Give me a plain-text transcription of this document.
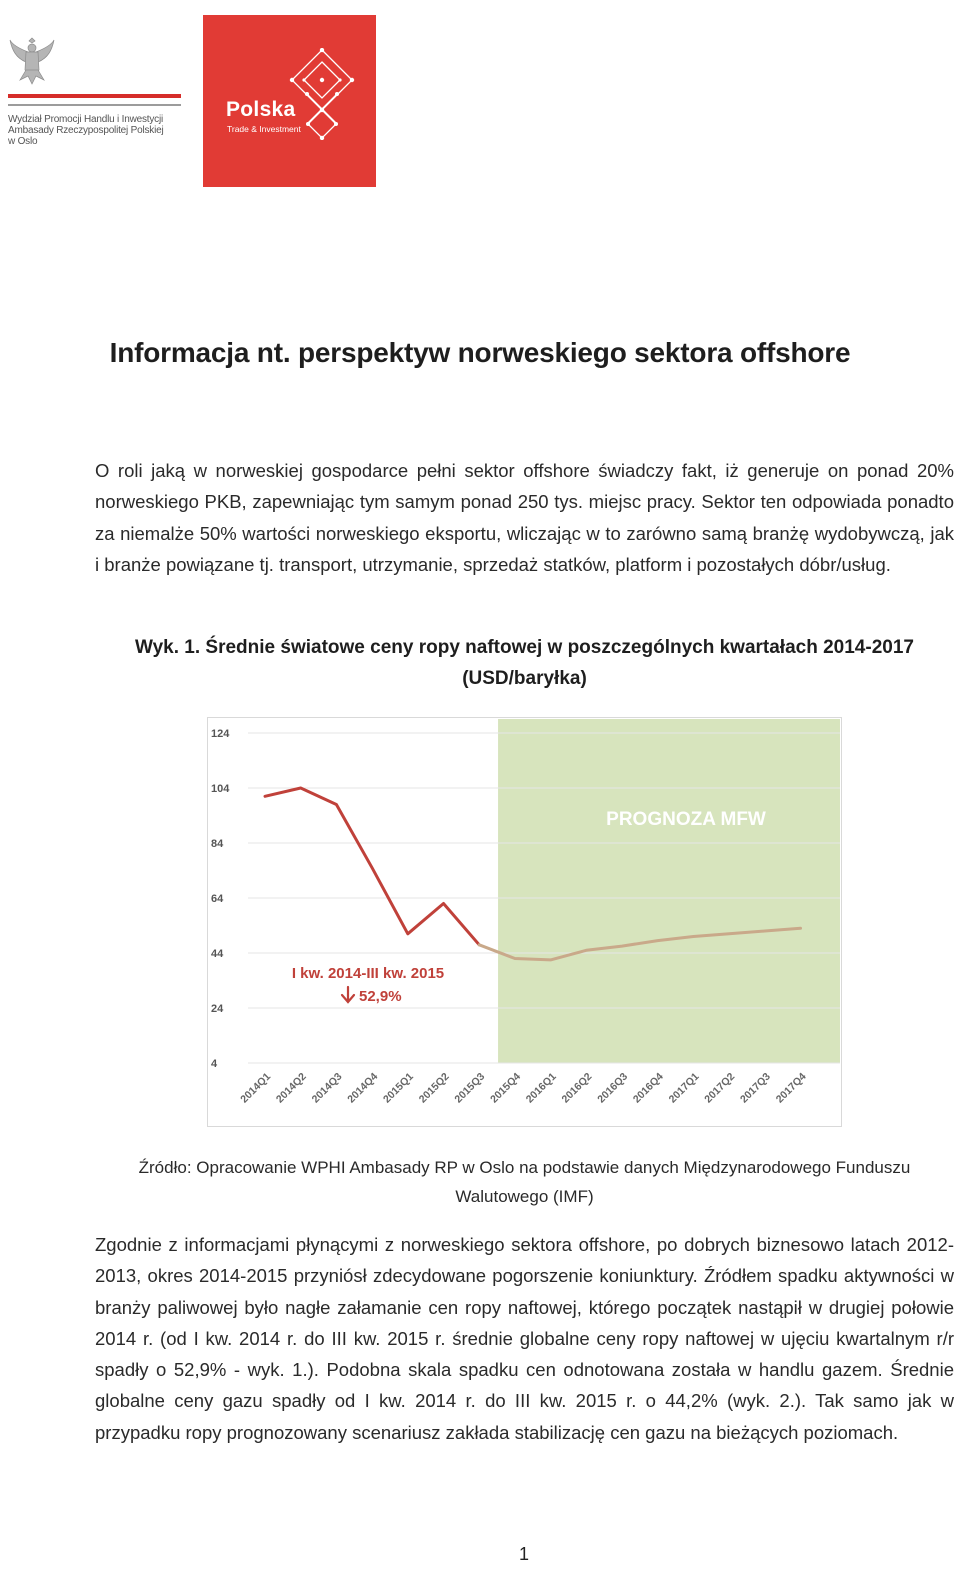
Wydział Promocji Handlu i Inwestycji
Ambasady Rzeczypospolitej Polskiej
w Oslo
Polska
Trade & Investment
Informacja nt. perspektyw norweskiego sektora offshore
O roli jaką w norweskiej gospodarce pełni sektor offshore świadczy fakt, iż generuje on ponad 20% norweskiego PKB, zapewniając tym samym ponad 250 tys. miejsc pracy. Sektor ten odpowiada ponadto za niemalże 50% wartości norweskiego eksportu, wliczając w to zarówno samą branżę wydobywczą, jak i branże powiązane tj. transport, utrzymanie, sprzedaż statków, platform i pozostałych dóbr/usług.
Wyk. 1. Średnie światowe ceny ropy naftowej w poszczególnych kwartałach 2014-2017 (USD/baryłka)
124
104
84
64
44
24
4
2014Q1 2014Q2 2014Q3 2014Q4 2015Q1 2015Q2 2015Q3 2015Q4 2016Q1 2016Q2 2016Q3 2016Q4 2017Q1 2017Q2 2017Q3 2017Q4
PROGNOZA MFW
I kw. 2014-III kw. 2015
52,9%
Źródło: Opracowanie WPHI Ambasady RP w Oslo na podstawie danych Międzynarodowego Funduszu Walutowego (IMF)
Zgodnie z informacjami płynącymi z norweskiego sektora offshore, po dobrych biznesowo latach 2012-2013, okres 2014-2015 przyniósł zdecydowane pogorszenie koniunktury. Źródłem spadku aktywności w branży paliwowej było nagłe załamanie cen ropy naftowej, którego początek nastąpił w drugiej połowie 2014 r. (od I kw. 2014 r. do III kw. 2015 r. średnie globalne ceny ropy naftowej w ujęciu kwartalnym r/r spadły o 52,9% - wyk. 1.). Podobna skala spadku cen odnotowana została w handlu gazem. Średnie globalne ceny gazu spadły od I kw. 2014 r. do III kw. 2015 r. o 44,2% (wyk. 2.). Tak samo jak w przypadku ropy prognozowany scenariusz zakłada stabilizację cen gazu na bieżących poziomach.
1
